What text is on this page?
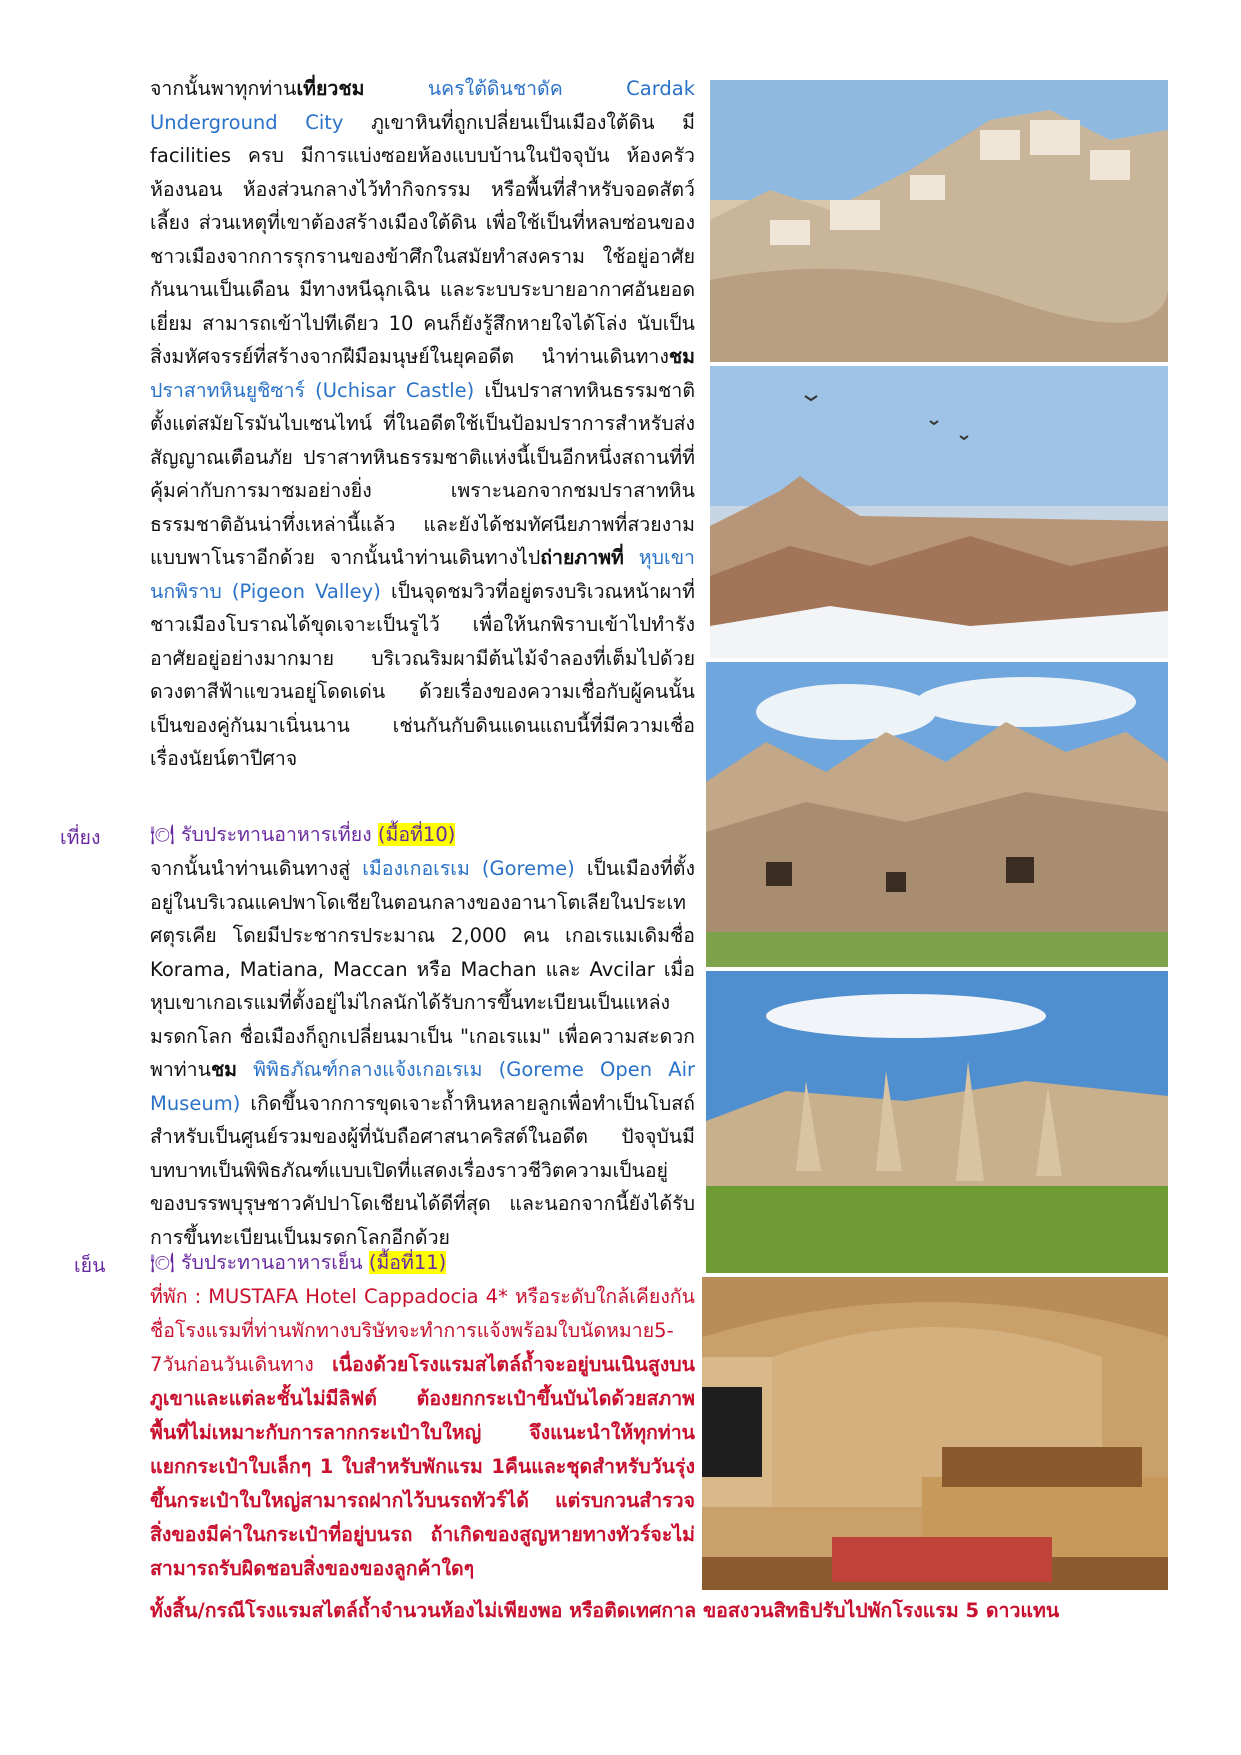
จากนั้นพาทุกท่านเที่ยวชม นครใต้ดินชาดัค Cardak Underground City ภูเขาหินที่ถูกเปลี่ยนเป็นเมืองใต้ดิน มี facilities ครบ มีการแบ่งซอยห้องแบบบ้านในปัจจุบัน ห้องครัว ห้องนอน ห้องส่วนกลางไว้ทำกิจกรรม หรือพื้นที่สำหรับจอดสัตว์เลี้ยง ส่วนเหตุที่เขาต้องสร้างเมืองใต้ดิน เพื่อใช้เป็นที่หลบซ่อนของชาวเมืองจากการรุกรานของข้าศึกในสมัยทำสงคราม ใช้อยู่อาศัยกันนานเป็นเดือน มีทางหนีฉุกเฉิน และระบบระบายอากาศอันยอดเยี่ยม สามารถเข้าไปทีเดียว 10 คนก็ยังรู้สึกหายใจได้โล่ง นับเป็นสิ่งมหัศจรรย์ที่สร้างจากฝีมือมนุษย์ในยุคอดีต นำท่านเดินทางชม ปราสาทหินยูชิซาร์ (Uchisar Castle) เป็นปราสาทหินธรรมชาติตั้งแต่สมัยโรมันไบเซนไทน์ ที่ในอดีตใช้เป็นป้อมปราการสำหรับส่งสัญญาณเตือนภัย ปราสาทหินธรรมชาติแห่งนี้เป็นอีกหนึ่งสถานที่ที่คุ้มค่ากับการมาชมอย่างยิ่ง เพราะนอกจากชมปราสาทหินธรรมชาติอันน่าทึ่งเหล่านี้แล้ว และยังได้ชมทัศนียภาพที่สวยงามแบบพาโนราอีกด้วย จากนั้นนำท่านเดินทางไปถ่ายภาพที่ หุบเขานกพิราบ (Pigeon Valley) เป็นจุดชมวิวที่อยู่ตรงบริเวณหน้าผาที่ชาวเมืองโบราณได้ขุดเจาะเป็นรูไว้ เพื่อให้นกพิราบเข้าไปทำรังอาศัยอยู่อย่างมากมาย บริเวณริมผามีต้นไม้จำลองที่เต็มไปด้วยดวงตาสีฟ้าแขวนอยู่โดดเด่น ด้วยเรื่องของความเชื่อกับผู้คนนั้นเป็นของคู่กันมาเนิ่นนาน เช่นกันกับดินแดนแถบนี้ที่มีความเชื่อเรื่องนัยน์ตาปีศาจ
เที่ยง	🍽 รับประทานอาหารเที่ยง (มื้อที่10)
จากนั้นนำท่านเดินทางสู่ เมืองเกอเรเม (Goreme) เป็นเมืองที่ตั้งอยู่ในบริเวณแคปพาโดเชียในตอนกลางของอานาโตเลียในประเทศตุรเคีย โดยมีประชากรประมาณ 2,000 คน เกอเรแมเดิมชื่อ Korama, Matiana, Maccan หรือ Machan และ Avcilar เมื่อหุบเขาเกอเรแมที่ตั้งอยู่ไม่ไกลนักได้รับการขึ้นทะเบียนเป็นแหล่งมรดกโลก ชื่อเมืองก็ถูกเปลี่ยนมาเป็น "เกอเรแม" เพื่อความสะดวก พาท่านชม พิพิธภัณฑ์กลางแจ้งเกอเรเม (Goreme Open Air Museum) เกิดขึ้นจากการขุดเจาะถ้ำหินหลายลูกเพื่อทำเป็นโบสถ์สำหรับเป็นศูนย์รวมของผู้ที่นับถือศาสนาคริสต์ในอดีต ปัจจุบันมีบทบาทเป็นพิพิธภัณฑ์แบบเปิดที่แสดงเรื่องราวชีวิตความเป็นอยู่ของบรรพบุรุษชาวคัปปาโดเชียนได้ดีที่สุด และนอกจากนี้ยังได้รับการขึ้นทะเบียนเป็นมรดกโลกอีกด้วย
เย็น 🍽 รับประทานอาหารเย็น (มื้อที่11)
ที่พัก : MUSTAFA Hotel Cappadocia 4* หรือระดับใกล้เคียงกัน ชื่อโรงแรมที่ท่านพักทางบริษัทจะทำการแจ้งพร้อมใบนัดหมาย5-7วันก่อนวันเดินทาง เนื่องด้วยโรงแรมสไตล์ถ้ำจะอยู่บนเนินสูงบนภูเขาและแต่ละชั้นไม่มีลิฟต์ ต้องยกกระเป๋าขึ้นบันไดด้วยสภาพพื้นที่ไม่เหมาะกับการลากกระเป๋าใบใหญ่ จึงแนะนำให้ทุกท่าน แยกกระเป๋าใบเล็กๆ 1 ใบสำหรับพักแรม 1คืนและชุดสำหรับวันรุ่งขึ้นกระเป๋าใบใหญ่สามารถฝากไว้บนรถทัวร์ได้ แต่รบกวนสำรวจสิ่งของมีค่าในกระเป๋าที่อยู่บนรถ ถ้าเกิดของสูญหายทางทัวร์จะไม่สามารถรับผิดชอบสิ่งของของลูกค้าใดๆ
ทั้งสิ้น/กรณีโรงแรมสไตล์ถ้ำจำนวนห้องไม่เพียงพอ หรือติดเทศกาล ขอสงวนสิทธิปรับไปพักโรงแรม 5 ดาวแทน
